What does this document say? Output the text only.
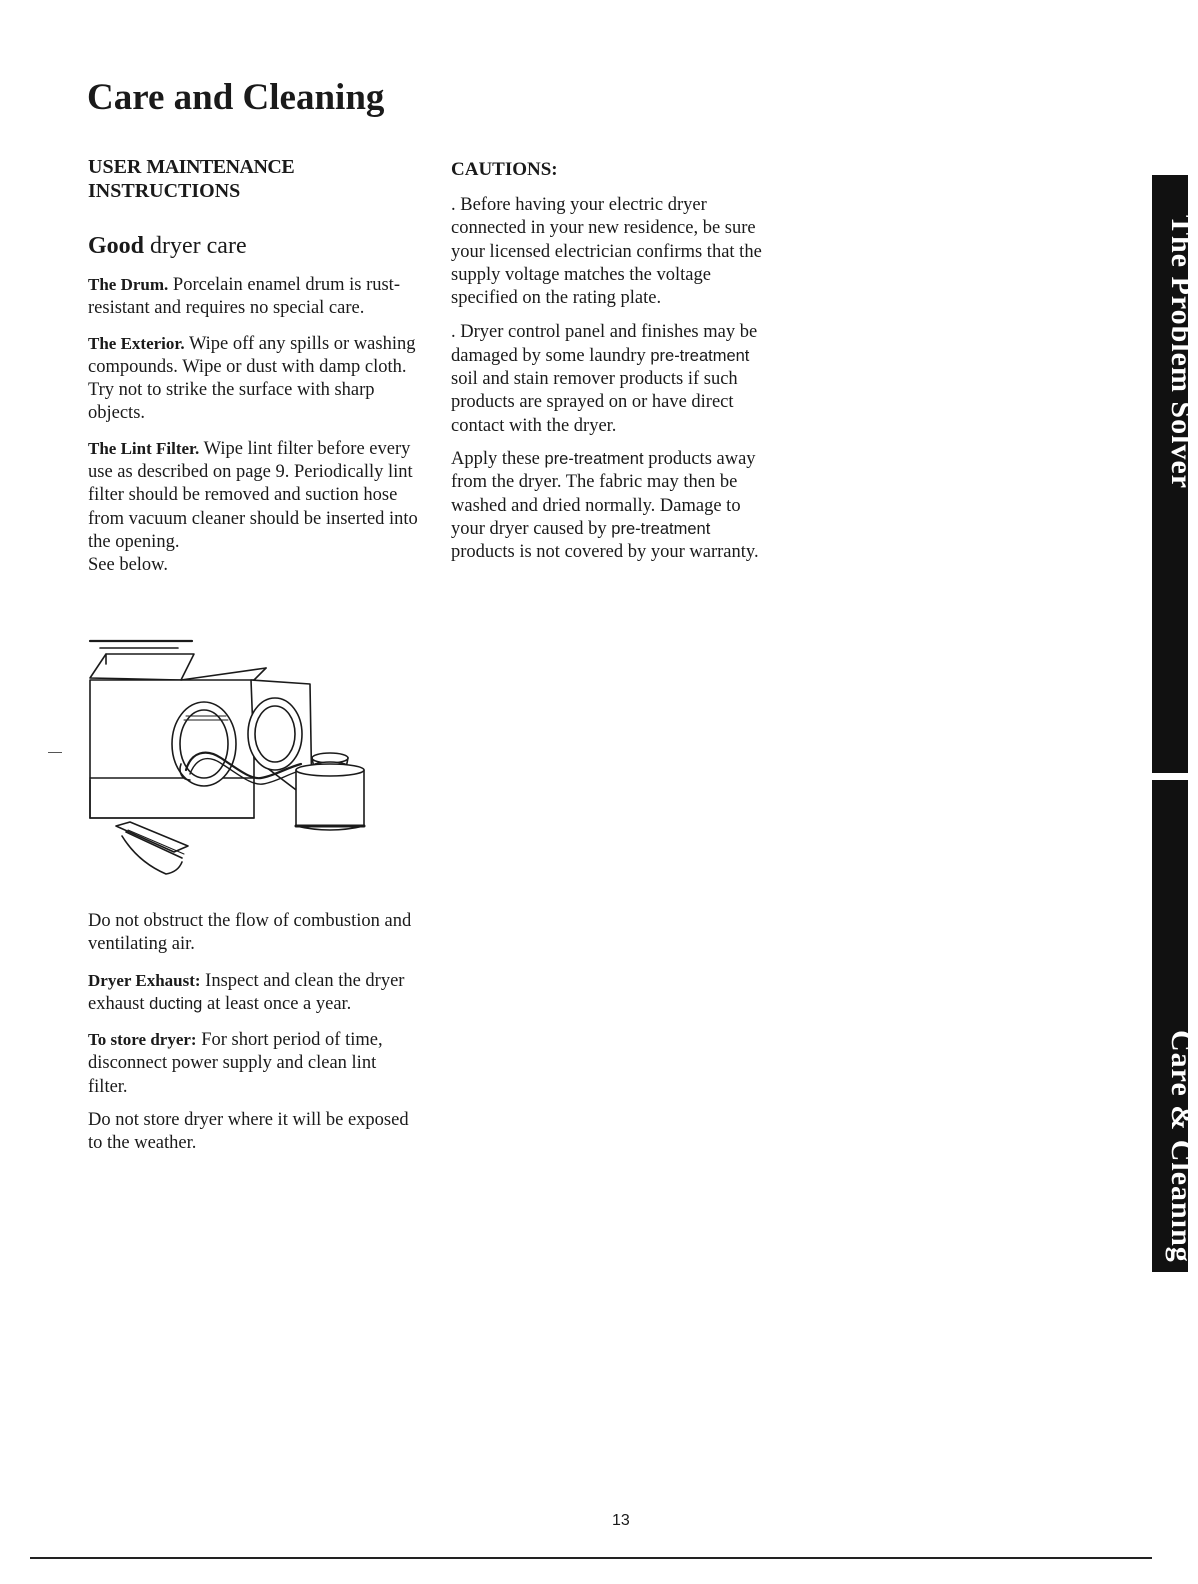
Care and Cleaning
USER MAINTENANCE
INSTRUCTIONS
Good dryer care

The Drum. Porcelain enamel drum is rust-resistant and requires no special care.

The Exterior. Wipe off any spills or washing compounds. Wipe or dust with damp cloth. Try not to strike the surface with sharp objects.

The Lint Filter. Wipe lint filter before every use as described on page 9. Periodically lint filter should be removed and suction hose from vacuum cleaner should be inserted into the opening.
See below.

Do not obstruct the flow of combustion and ventilating air.

Dryer Exhaust: Inspect and clean the dryer exhaust ducting at least once a year.

To store dryer: For short period of time, disconnect power supply and clean lint filter.

Do not store dryer where it will be exposed to the weather.

CAUTIONS:

. Before having your electric dryer connected in your new residence, be sure your licensed electrician confirms that the supply voltage matches the voltage specified on the rating plate.

. Dryer control panel and finishes may be damaged by some laundry pre-treatment soil and stain remover products if such products are sprayed on or have direct contact with the dryer.

Apply these pre-treatment products away from the dryer. The fabric may then be washed and dried normally. Damage to your dryer caused by pre-treatment products is not covered by your warranty.

The Problem Solver
Care & Cleaning
13
